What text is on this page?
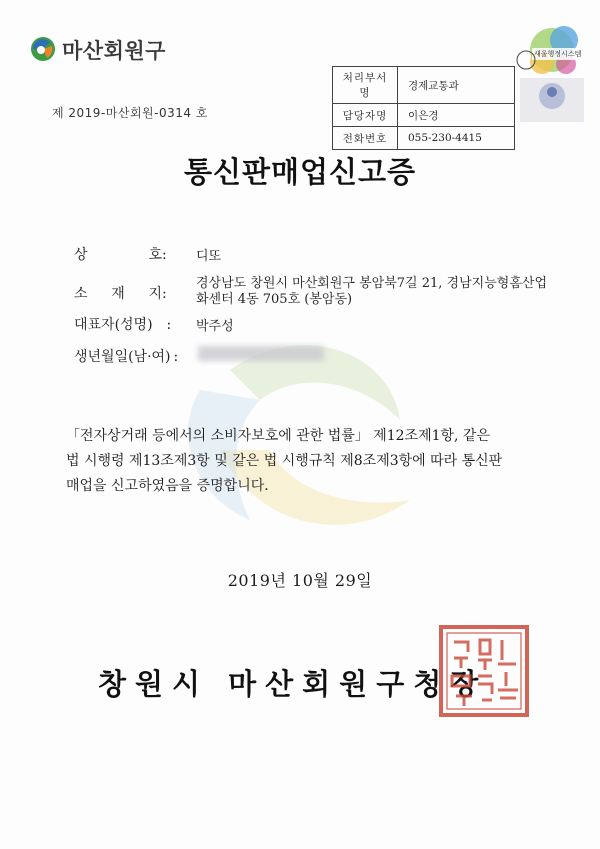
마산회원구	새울행정시스템
처리부서명	경제교통과
담당자명	이은경
전화번호	055-230-4415
제 2019-마산회원-0314 호
통신판매업신고증
상 호:	디또
소 재 지:
경상남도 창원시 마산회원구 봉암북7길 21, 경남지능형홈산업
화센터 4동 705호 (봉암동)
대표자(성명) :	박주성
생년월일(남·여) :
「전자상거래 등에서의 소비자보호에 관한 법률」 제12조제1항, 같은
법 시행령 제13조제3항 및 같은 법 시행규칙 제8조제3항에 따라 통신판
매업을 신고하였음을 증명합니다.
2019년 10월 29일
창원시 마산회원구청장
